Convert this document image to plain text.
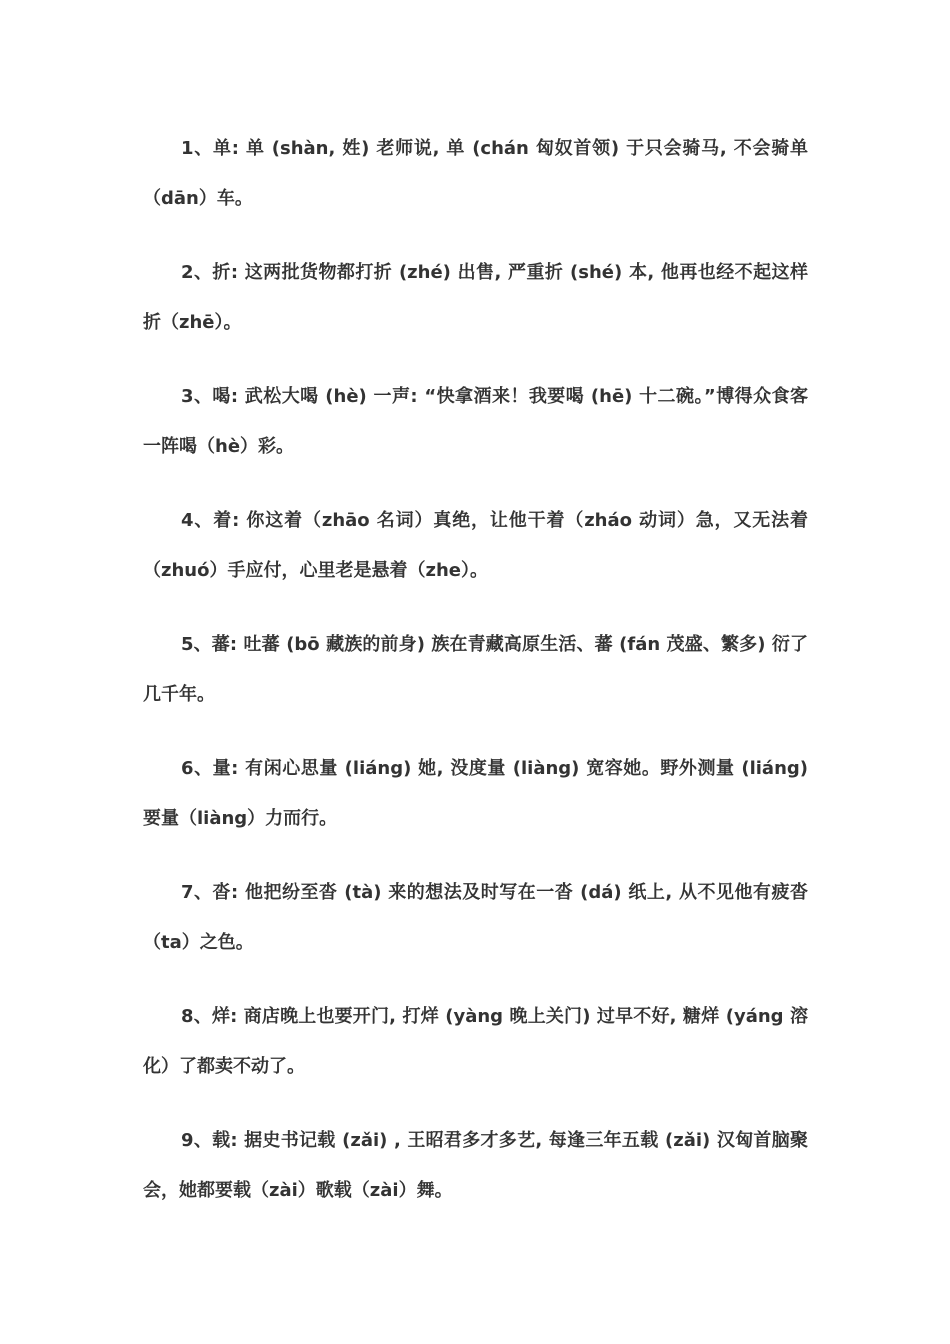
1、单: 单 (shàn, 姓) 老师说, 单 (chán 匈奴首领) 于只会骑马, 不会骑单（dān）车。

2、折: 这两批货物都打折 (zhé) 出售, 严重折 (shé) 本, 他再也经不起这样折（zhē）。

3、喝: 武松大喝 (hè) 一声: “快拿酒来！我要喝 (hē) 十二碗。”博得众食客一阵喝（hè）彩。

4、着: 你这着（zhāo 名词）真绝，让他干着（zháo 动词）急，又无法着（zhuó）手应付，心里老是悬着（zhe）。

5、蕃: 吐蕃 (bō 藏族的前身) 族在青藏高原生活、蕃 (fán 茂盛、繁多) 衍了几千年。

6、量: 有闲心思量 (liáng) 她, 没度量 (liàng) 宽容她。野外测量 (liáng) 要量（liàng）力而行。

7、沓: 他把纷至沓 (tà) 来的想法及时写在一沓 (dá) 纸上, 从不见他有疲沓（ta）之色。

8、烊: 商店晚上也要开门, 打烊 (yàng 晚上关门) 过早不好, 糖烊 (yáng 溶化）了都卖不动了。

9、载: 据史书记载 (zǎi) , 王昭君多才多艺, 每逢三年五载 (zǎi) 汉匈首脑聚会，她都要载（zài）歌载（zài）舞。
